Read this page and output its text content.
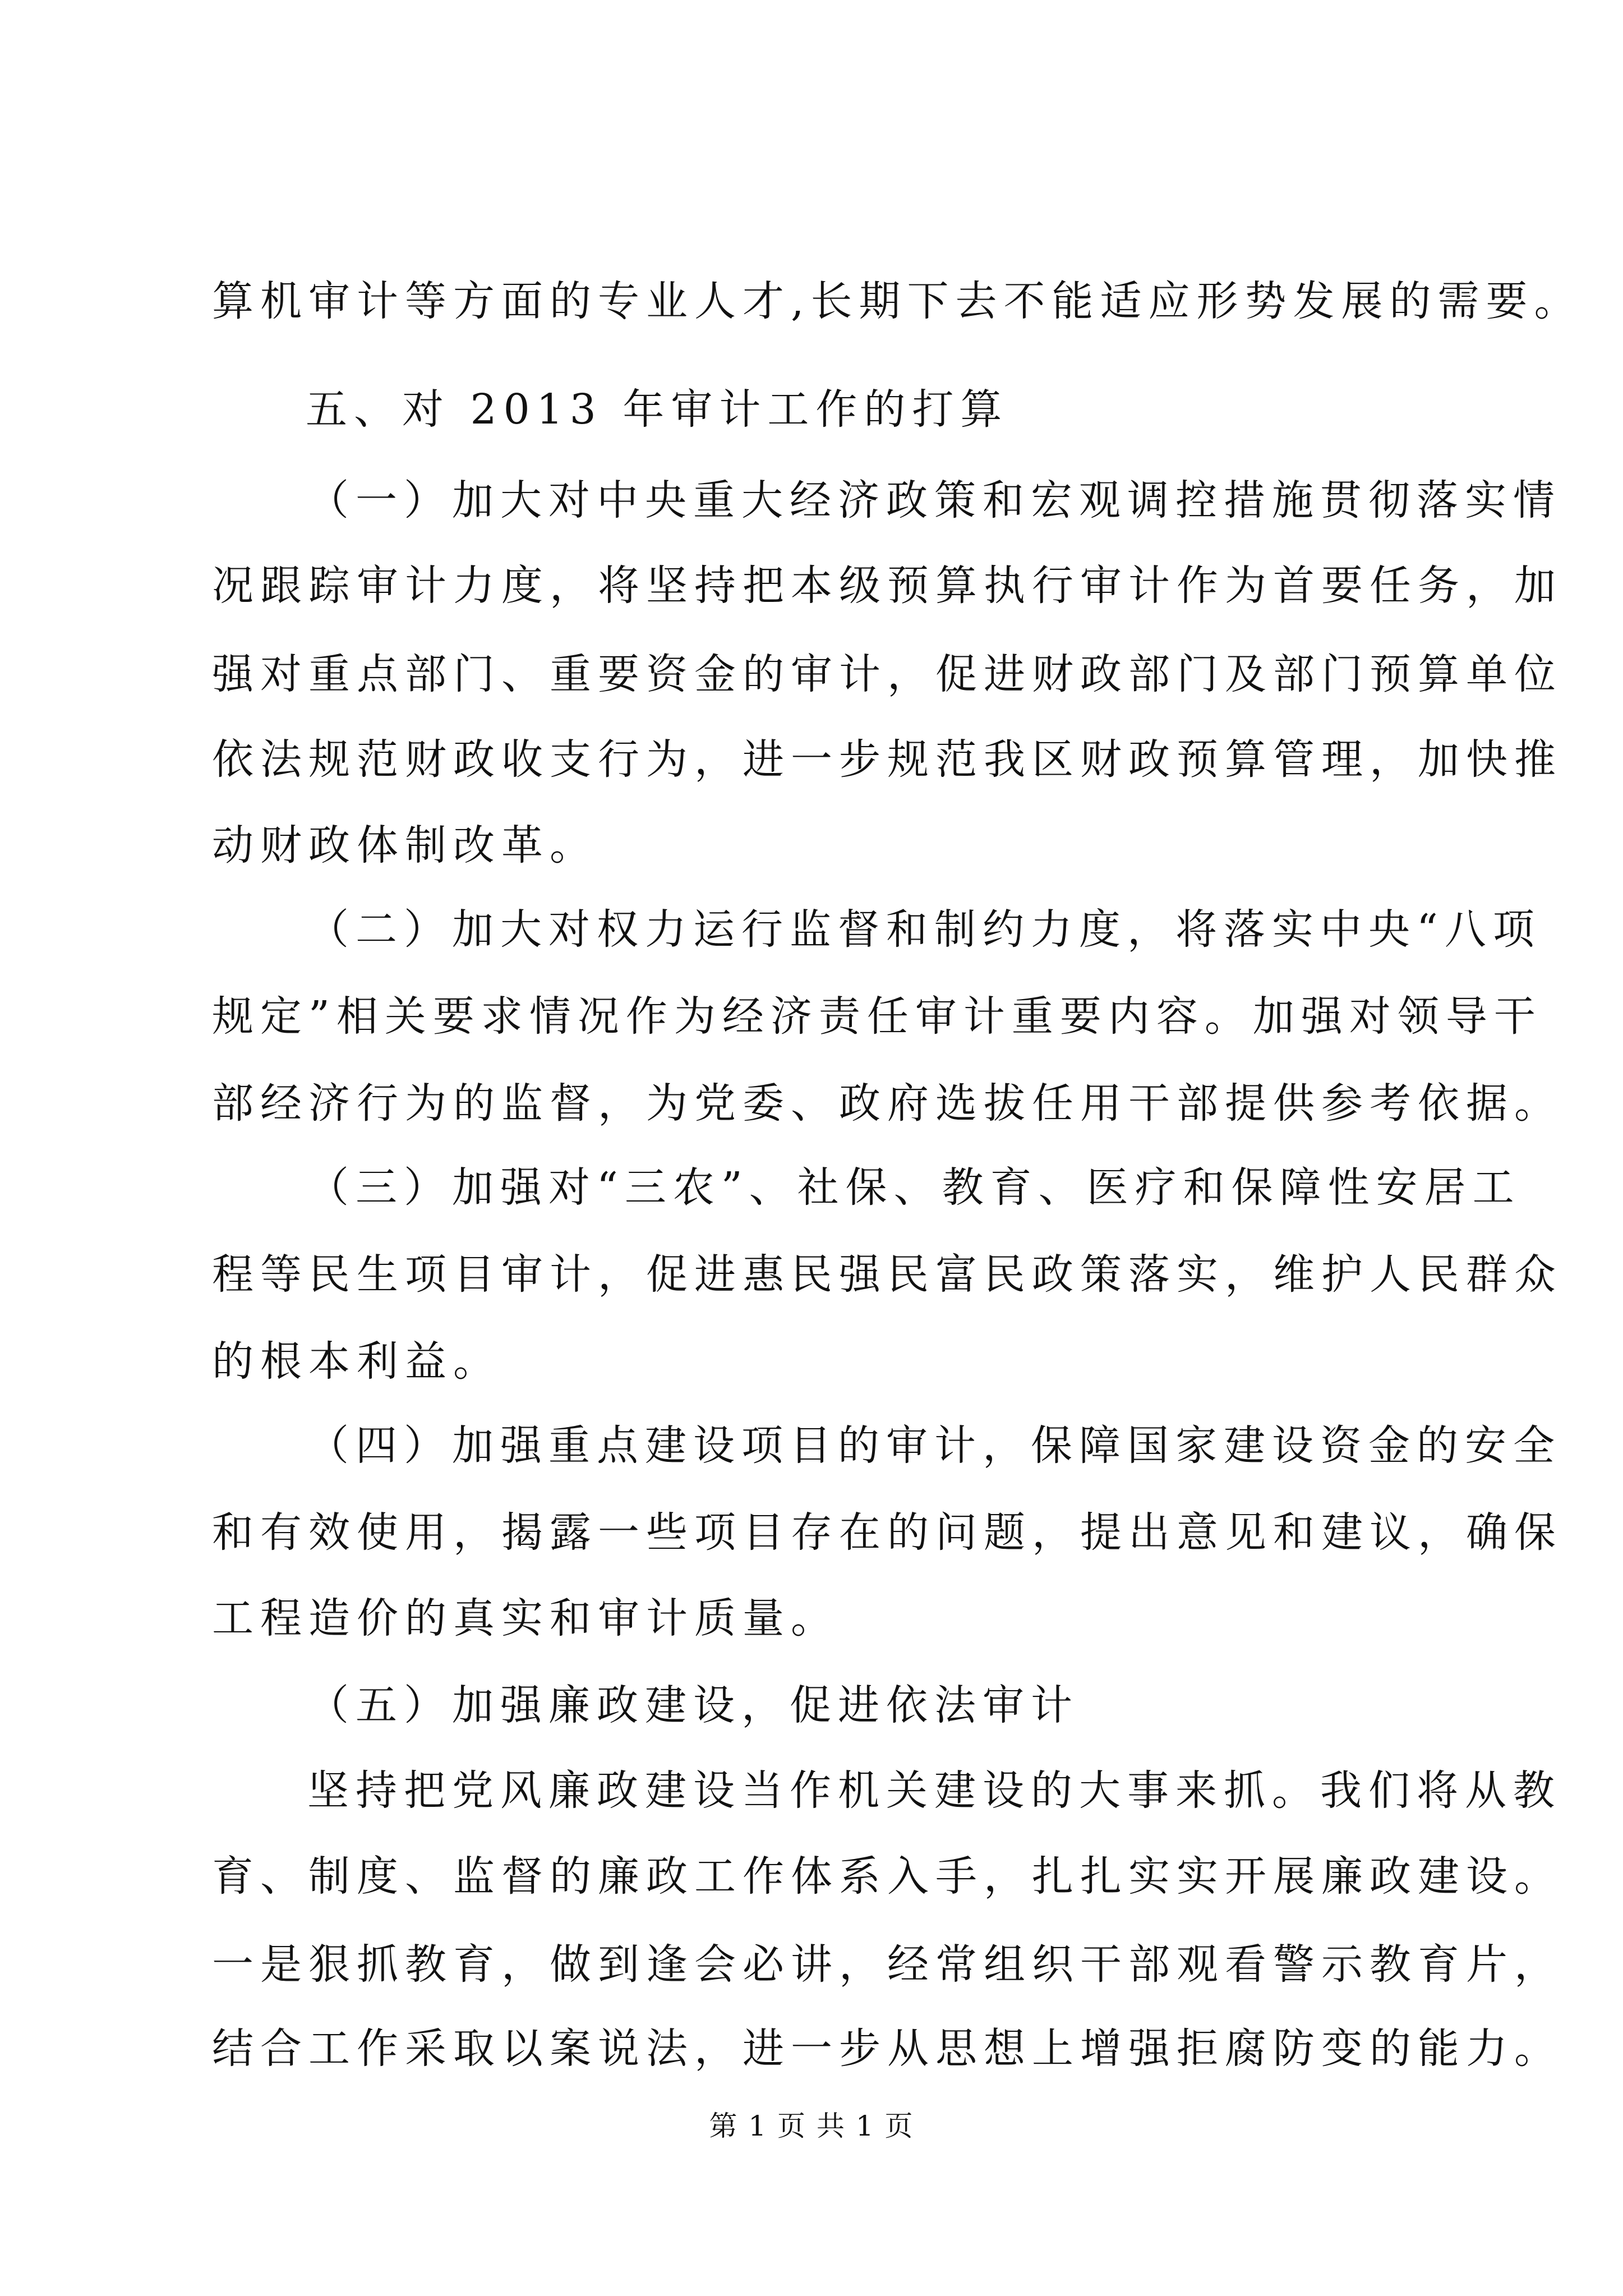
算机审计等方面的专业人才,长期下去不能适应形势发展的需要。
五、对 2013 年审计工作的打算
（一）加大对中央重大经济政策和宏观调控措施贯彻落实情
况跟踪审计力度，将坚持把本级预算执行审计作为首要任务，加
强对重点部门、重要资金的审计，促进财政部门及部门预算单位
依法规范财政收支行为，进一步规范我区财政预算管理，加快推
动财政体制改革。
（二）加大对权力运行监督和制约力度，将落实中央“八项
规定”相关要求情况作为经济责任审计重要内容。加强对领导干
部经济行为的监督，为党委、政府选拔任用干部提供参考依据。
（三）加强对“三农”、社保、教育、医疗和保障性安居工
程等民生项目审计，促进惠民强民富民政策落实，维护人民群众
的根本利益。
（四）加强重点建设项目的审计，保障国家建设资金的安全
和有效使用，揭露一些项目存在的问题，提出意见和建议，确保
工程造价的真实和审计质量。
（五）加强廉政建设，促进依法审计
坚持把党风廉政建设当作机关建设的大事来抓。我们将从教
育、制度、监督的廉政工作体系入手，扎扎实实开展廉政建设。
一是狠抓教育，做到逢会必讲，经常组织干部观看警示教育片，
结合工作采取以案说法，进一步从思想上增强拒腐防变的能力。
第 1 页 共 1 页
